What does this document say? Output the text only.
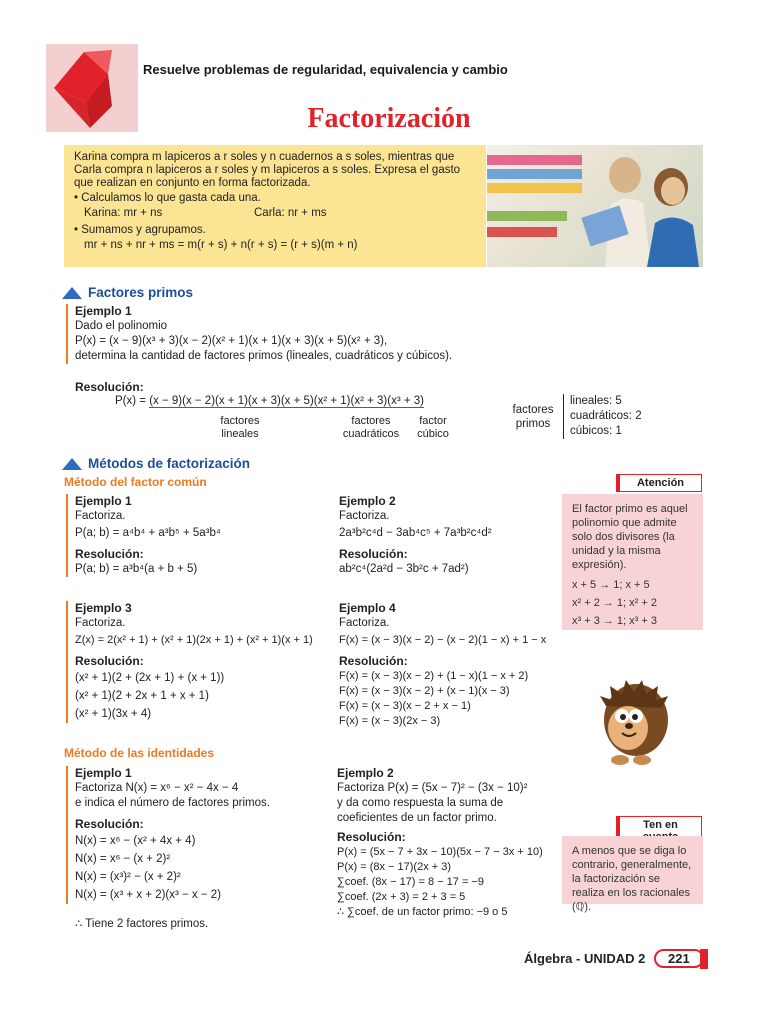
Resuelve problemas de regularidad, equivalencia y cambio
Factorización

Karina compra m lapiceros a r soles y n cuadernos a s soles, mientras que Carla compra n lapiceros a r soles y m lapiceros a s soles. Expresa el gasto que realizan en conjunto en forma factorizada.

• Calculamos lo que gasta cada una.

Karina: mr + ns	Carla: nr + ms

• Sumamos y agrupamos.

mr + ns + nr + ms = m(r + s) + n(r + s) = (r + s)(m + n)

Factores primos
Ejemplo 1
Dado el polinomio
P(x) = (x − 9)(x³ + 3)(x − 2)(x² + 1)(x + 1)(x + 3)(x + 5)(x² + 3),
determina la cantidad de factores primos (lineales, cuadráticos y cúbicos).
Resolución:
P(x) = (x − 9)(x − 2)(x + 1)(x + 3)(x + 5)(x² + 1)(x² + 3)(x³ + 3)
factores lineales
factores cuadráticos
factor cúbico
factores primos
lineales: 5
cuadráticos: 2
cúbicos: 1
Métodos de factorización
Método del factor común
Ejemplo 1
Factoriza.
P(a; b) = a⁴b⁴ + a³b⁵ + 5a³b⁴
Resolución:
P(a; b) = a³b⁴(a + b + 5)
Ejemplo 2
Factoriza.
2a³b²c⁴d − 3ab⁴c⁵ + 7a³b²c⁴d²
Resolución:
ab²c⁴(2a²d − 3b²c + 7ad²)
Ejemplo 3
Factoriza.
Z(x) = 2(x² + 1) + (x² + 1)(2x + 1) + (x² + 1)(x + 1)
Resolución:
(x² + 1)(2 + (2x + 1) + (x + 1))
(x² + 1)(2 + 2x + 1 + x + 1)
(x² + 1)(3x + 4)
Ejemplo 4
Factoriza.
F(x) = (x − 3)(x − 2) − (x − 2)(1 − x) + 1 − x
Resolución:
F(x) = (x − 3)(x − 2) + (1 − x)(1 − x + 2)
F(x) = (x − 3)(x − 2) + (x − 1)(x − 3)
F(x) = (x − 3)(x − 2 + x − 1)
F(x) = (x − 3)(2x − 3)
Método de las identidades
Ejemplo 1
Factoriza N(x) = x⁶ − x² − 4x − 4
e indica el número de factores primos.
Resolución:
N(x) = x⁶ − (x² + 4x + 4)
N(x) = x⁶ − (x + 2)²
N(x) = (x³)² − (x + 2)²
N(x) = (x³ + x + 2)(x³ − x − 2)
∴ Tiene 2 factores primos.
Ejemplo 2
Factoriza P(x) = (5x − 7)² − (3x − 10)²
y da como respuesta la suma de
coeficientes de un factor primo.
Resolución:
P(x) = (5x − 7 + 3x − 10)(5x − 7 − 3x + 10)
P(x) = (8x − 17)(2x + 3)
∑coef. (8x − 17) = 8 − 17 = −9
∑coef. (2x + 3) = 2 + 3 = 5
∴ ∑coef. de un factor primo: −9 o 5
Atención
El factor primo es aquel polinomio que admite solo dos divisores (la unidad y la misma expresión).
x + 5 → 1; x + 5
x² + 2 → 1; x² + 2
x³ + 3 → 1; x³ + 3
Ten en
A menos que se diga lo contrario, generalmente, la factorización se realiza en los racionales (ℚ).
Álgebra - UNIDAD 2	221
